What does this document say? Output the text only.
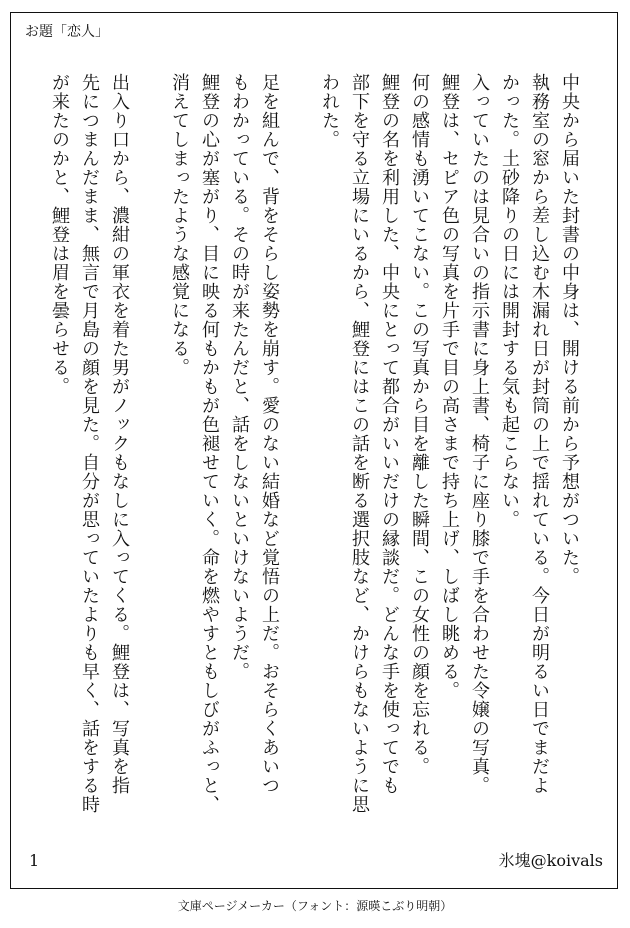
お題「恋人」
中央から届いた封書の中身は、開ける前から予想がついた。
執務室の窓から差し込む木漏れ日が封筒の上で揺れている。今日が明るい日でまだよ
かった。土砂降りの日には開封する気も起こらない。
入っていたのは見合いの指示書に身上書、椅子に座り膝で手を合わせた令嬢の写真。
鯉登は、セピア色の写真を片手で目の高さまで持ち上げ、しばし眺める。
何の感情も湧いてこない。この写真から目を離した瞬間、この女性の顔を忘れる。
鯉登の名を利用した、中央にとって都合がいいだけの縁談だ。どんな手を使ってでも
部下を守る立場にいるから、鯉登にはこの話を断る選択肢など、かけらもないように思
われた。

足を組んで、背をそらし姿勢を崩す。愛のない結婚など覚悟の上だ。おそらくあいつ
もわかっている。その時が来たんだと、話をしないといけないようだ。
鯉登の心が塞がり、目に映る何もかもが色褪せていく。命を燃やすともしびがふっと、
消えてしまったような感覚になる。

出入り口から、濃紺の軍衣を着た男がノックもなしに入ってくる。鯉登は、写真を指
先につまんだまま、無言で月島の顔を見た。自分が思っていたよりも早く、話をする時
が来たのかと、鯉登は眉を曇らせる。
1	氷塊@koivals
文庫ページメーカー（フォント：源暎こぶり明朝）
